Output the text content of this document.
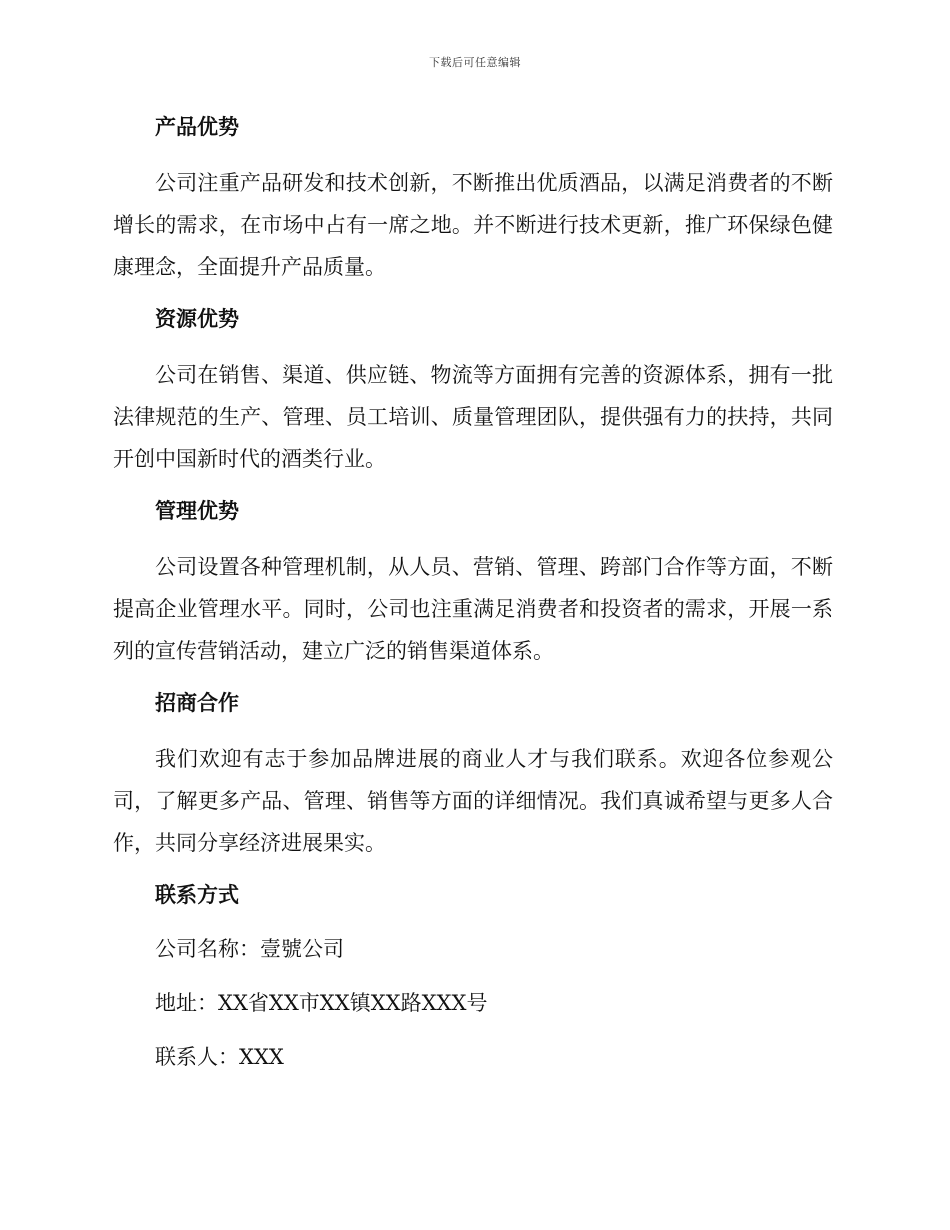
下载后可任意编辑
产品优势

公司注重产品研发和技术创新，不断推出优质酒品，以满足消费者的不断增长的需求，在市场中占有一席之地。并不断进行技术更新，推广环保绿色健康理念，全面提升产品质量。

资源优势

公司在销售、渠道、供应链、物流等方面拥有完善的资源体系，拥有一批法律规范的生产、管理、员工培训、质量管理团队，提供强有力的扶持，共同开创中国新时代的酒类行业。

管理优势

公司设置各种管理机制，从人员、营销、管理、跨部门合作等方面，不断提高企业管理水平。同时，公司也注重满足消费者和投资者的需求，开展一系列的宣传营销活动，建立广泛的销售渠道体系。

招商合作

我们欢迎有志于参加品牌进展的商业人才与我们联系。欢迎各位参观公司，了解更多产品、管理、销售等方面的详细情况。我们真诚希望与更多人合作，共同分享经济进展果实。

联系方式
公司名称：壹號公司
地址：XX省XX市XX镇XX路XXX号
联系人：XXX
